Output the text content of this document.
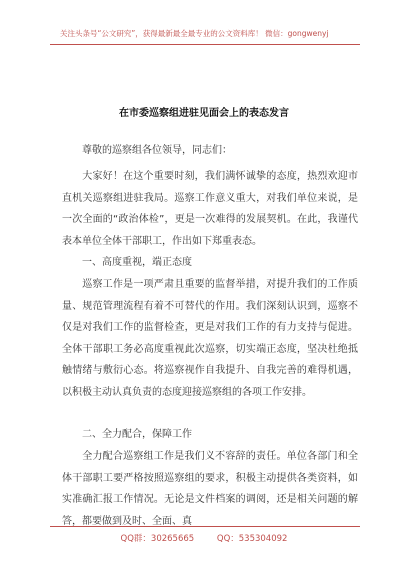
关注头条号“公文研究”，获得最新最全最专业的公文资料库！ 微信：gongwenyj
在市委巡察组进驻见面会上的表态发言
尊敬的巡察组各位领导，同志们：
大家好！在这个重要时刻，我们满怀诚挚的态度，热烈欢迎市直机关巡察组进驻我局。巡察工作意义重大，对我们单位来说，是一次全面的“政治体检”，更是一次难得的发展契机。在此，我谨代表本单位全体干部职工，作出如下郑重表态。
一、高度重视，端正态度
巡察工作是一项严肃且重要的监督举措，对提升我们的工作质量、规范管理流程有着不可替代的作用。我们深刻认识到，巡察不仅是对我们工作的监督检查，更是对我们工作的有力支持与促进。全体干部职工务必高度重视此次巡察，切实端正态度，坚决杜绝抵触情绪与敷衍心态。将巡察视作自我提升、自我完善的难得机遇，以积极主动认真负责的态度迎接巡察组的各项工作安排。
二、全力配合，保障工作
全力配合巡察组工作是我们义不容辞的责任。单位各部门和全体干部职工要严格按照巡察组的要求，积极主动提供各类资料，如实准确汇报工作情况。无论是文件档案的调阅，还是相关问题的解答，都要做到及时、全面、真
QQ群：30265665	QQ：535304092
